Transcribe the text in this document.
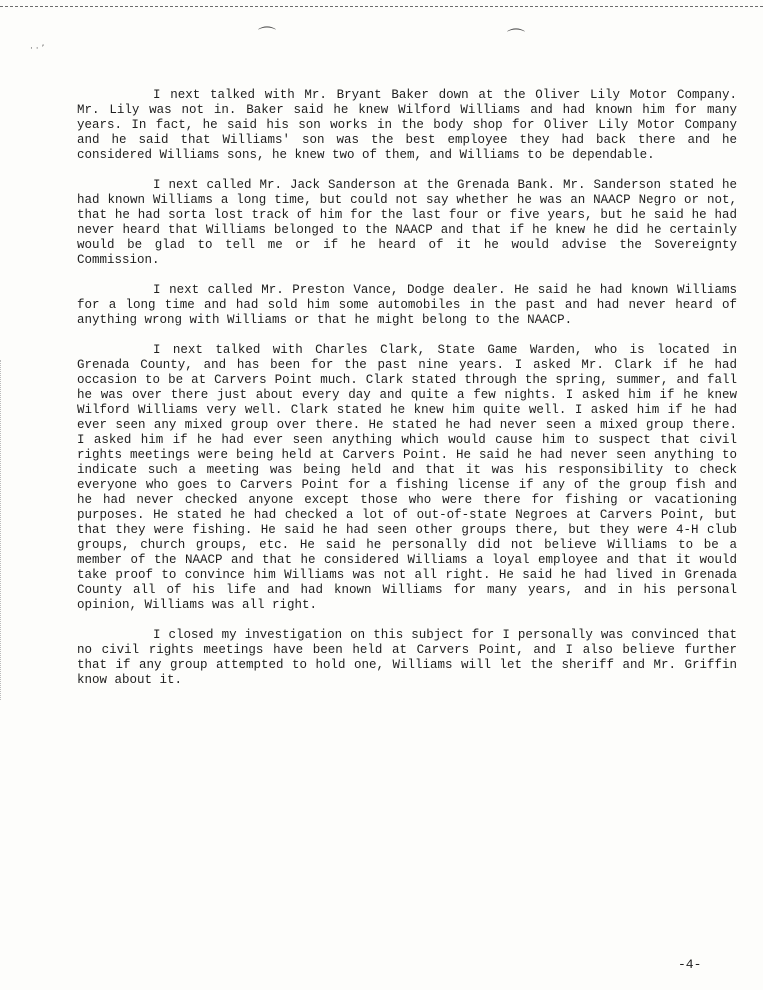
⌒	⌒
· · ʼ

I next talked with Mr. Bryant Baker down at the Oliver Lily Motor Company. Mr. Lily was not in. Baker said he knew Wilford Williams and had known him for many years. In fact, he said his son works in the body shop for Oliver Lily Motor Company and he said that Williams' son was the best employee they had back there and he considered Williams sons, he knew two of them, and Williams to be dependable.

I next called Mr. Jack Sanderson at the Grenada Bank. Mr. Sanderson stated he had known Williams a long time, but could not say whether he was an NAACP Negro or not, that he had sorta lost track of him for the last four or five years, but he said he had never heard that Williams belonged to the NAACP and that if he knew he did he certainly would be glad to tell me or if he heard of it he would advise the Sovereignty Commission.

I next called Mr. Preston Vance, Dodge dealer. He said he had known Williams for a long time and had sold him some automobiles in the past and had never heard of anything wrong with Williams or that he might belong to the NAACP.

I next talked with Charles Clark, State Game Warden, who is located in Grenada County, and has been for the past nine years. I asked Mr. Clark if he had occasion to be at Carvers Point much. Clark stated through the spring, summer, and fall he was over there just about every day and quite a few nights. I asked him if he knew Wilford Williams very well. Clark stated he knew him quite well. I asked him if he had ever seen any mixed group over there. He stated he had never seen a mixed group there. I asked him if he had ever seen anything which would cause him to suspect that civil rights meetings were being held at Carvers Point. He said he had never seen anything to indicate such a meeting was being held and that it was his responsibility to check everyone who goes to Carvers Point for a fishing license if any of the group fish and he had never checked anyone except those who were there for fishing or vacationing purposes. He stated he had checked a lot of out-of-state Negroes at Carvers Point, but that they were fishing. He said he had seen other groups there, but they were 4-H club groups, church groups, etc. He said he personally did not believe Williams to be a member of the NAACP and that he considered Williams a loyal employee and that it would take proof to convince him Williams was not all right. He said he had lived in Grenada County all of his life and had known Williams for many years, and in his personal opinion, Williams was all right.

I closed my investigation on this subject for I personally was convinced that no civil rights meetings have been held at Carvers Point, and I also believe further that if any group attempted to hold one, Williams will let the sheriff and Mr. Griffin know about it.

-4-
